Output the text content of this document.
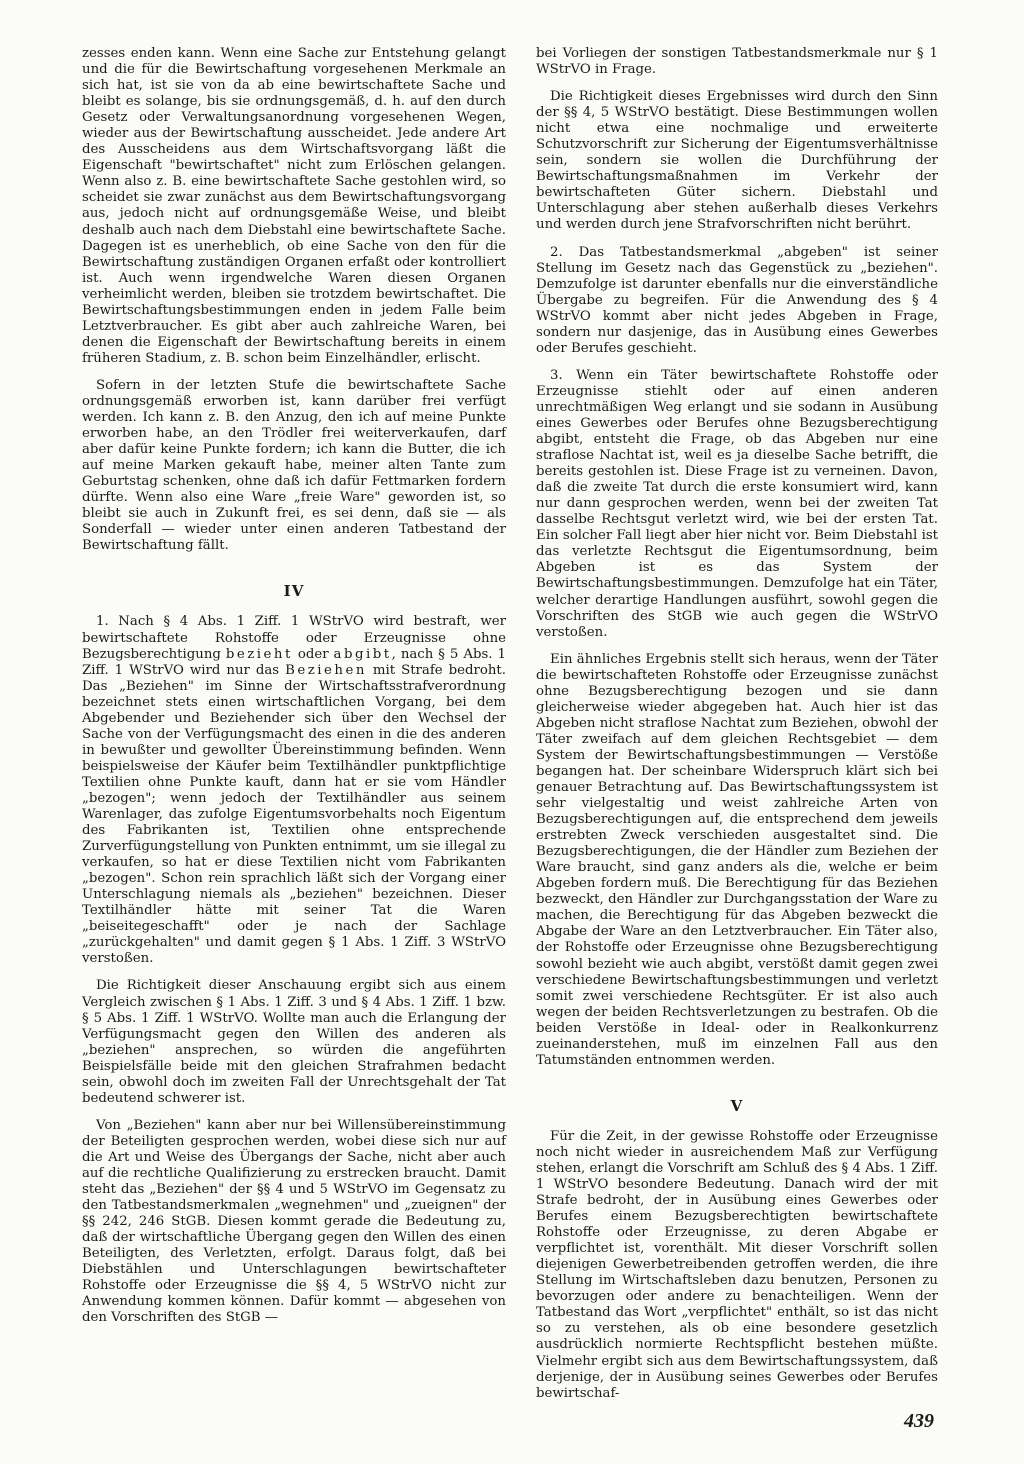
zesses enden kann. Wenn eine Sache zur Entstehung gelangt und die für die Bewirtschaftung vorgesehenen Merkmale an sich hat, ist sie von da ab eine bewirtschaftete Sache und bleibt es solange, bis sie ordnungsgemäß, d. h. auf den durch Gesetz oder Verwaltungsanordnung vorgesehenen Wegen, wieder aus der Bewirtschaftung ausscheidet. Jede andere Art des Ausscheidens aus dem Wirtschaftsvorgang läßt die Eigenschaft "bewirtschaftet" nicht zum Erlöschen gelangen. Wenn also z. B. eine bewirtschaftete Sache gestohlen wird, so scheidet sie zwar zunächst aus dem Bewirtschaftungsvorgang aus, jedoch nicht auf ordnungsgemäße Weise, und bleibt deshalb auch nach dem Diebstahl eine bewirtschaftete Sache. Dagegen ist es unerheblich, ob eine Sache von den für die Bewirtschaftung zuständigen Organen erfaßt oder kontrolliert ist. Auch wenn irgendwelche Waren diesen Organen verheimlicht werden, bleiben sie trotzdem bewirtschaftet. Die Bewirtschaftungsbestimmungen enden in jedem Falle beim Letztverbraucher. Es gibt aber auch zahlreiche Waren, bei denen die Eigenschaft der Bewirtschaftung bereits in einem früheren Stadium, z. B. schon beim Einzelhändler, erlischt.

Sofern in der letzten Stufe die bewirtschaftete Sache ordnungsgemäß erworben ist, kann darüber frei verfügt werden. Ich kann z. B. den Anzug, den ich auf meine Punkte erworben habe, an den Trödler frei weiterverkaufen, darf aber dafür keine Punkte fordern; ich kann die Butter, die ich auf meine Marken gekauft habe, meiner alten Tante zum Geburtstag schenken, ohne daß ich dafür Fettmarken fordern dürfte. Wenn also eine Ware „freie Ware" geworden ist, so bleibt sie auch in Zukunft frei, es sei denn, daß sie — als Sonderfall — wieder unter einen anderen Tatbestand der Bewirtschaftung fällt.

IV

1. Nach § 4 Abs. 1 Ziff. 1 WStrVO wird bestraft, wer bewirtschaftete Rohstoffe oder Erzeugnisse ohne Bezugsberechtigung bezieht oder abgibt, nach § 5 Abs. 1 Ziff. 1 WStrVO wird nur das Beziehen mit Strafe bedroht. Das „Beziehen" im Sinne der Wirtschaftsstrafverordnung bezeichnet stets einen wirtschaftlichen Vorgang, bei dem Abgebender und Beziehender sich über den Wechsel der Sache von der Verfügungsmacht des einen in die des anderen in bewußter und gewollter Übereinstimmung befinden. Wenn beispielsweise der Käufer beim Textilhändler punktpflichtige Textilien ohne Punkte kauft, dann hat er sie vom Händler „bezogen"; wenn jedoch der Textilhändler aus seinem Warenlager, das zufolge Eigentumsvorbehalts noch Eigentum des Fabrikanten ist, Textilien ohne entsprechende Zurverfügungstellung von Punkten entnimmt, um sie illegal zu verkaufen, so hat er diese Textilien nicht vom Fabrikanten „bezogen". Schon rein sprachlich läßt sich der Vorgang einer Unterschlagung niemals als „beziehen" bezeichnen. Dieser Textilhändler hätte mit seiner Tat die Waren „beiseitegeschafft" oder je nach der Sachlage „zurückgehalten" und damit gegen § 1 Abs. 1 Ziff. 3 WStrVO verstoßen.

Die Richtigkeit dieser Anschauung ergibt sich aus einem Vergleich zwischen § 1 Abs. 1 Ziff. 3 und § 4 Abs. 1 Ziff. 1 bzw. § 5 Abs. 1 Ziff. 1 WStrVO. Wollte man auch die Erlangung der Verfügungsmacht gegen den Willen des anderen als „beziehen" ansprechen, so würden die angeführten Beispielsfälle beide mit den gleichen Strafrahmen bedacht sein, obwohl doch im zweiten Fall der Unrechtsgehalt der Tat bedeutend schwerer ist.

Von „Beziehen" kann aber nur bei Willensübereinstimmung der Beteiligten gesprochen werden, wobei diese sich nur auf die Art und Weise des Übergangs der Sache, nicht aber auch auf die rechtliche Qualifizierung zu erstrecken braucht. Damit steht das „Beziehen" der §§ 4 und 5 WStrVO im Gegensatz zu den Tatbestandsmerkmalen „wegnehmen" und „zueignen" der §§ 242, 246 StGB. Diesen kommt gerade die Bedeutung zu, daß der wirtschaftliche Übergang gegen den Willen des einen Beteiligten, des Verletzten, erfolgt. Daraus folgt, daß bei Diebstählen und Unterschlagungen bewirtschafteter Rohstoffe oder Erzeugnisse die §§ 4, 5 WStrVO nicht zur Anwendung kommen können. Dafür kommt — abgesehen von den Vorschriften des StGB —

bei Vorliegen der sonstigen Tatbestandsmerkmale nur § 1 WStrVO in Frage.

Die Richtigkeit dieses Ergebnisses wird durch den Sinn der §§ 4, 5 WStrVO bestätigt. Diese Bestimmungen wollen nicht etwa eine nochmalige und erweiterte Schutzvorschrift zur Sicherung der Eigentumsverhältnisse sein, sondern sie wollen die Durchführung der Bewirtschaftungsmaßnahmen im Verkehr der bewirtschafteten Güter sichern. Diebstahl und Unterschlagung aber stehen außerhalb dieses Verkehrs und werden durch jene Strafvorschriften nicht berührt.

2. Das Tatbestandsmerkmal „abgeben" ist seiner Stellung im Gesetz nach das Gegenstück zu „beziehen". Demzufolge ist darunter ebenfalls nur die einverständliche Übergabe zu begreifen. Für die Anwendung des § 4 WStrVO kommt aber nicht jedes Abgeben in Frage, sondern nur dasjenige, das in Ausübung eines Gewerbes oder Berufes geschieht.

3. Wenn ein Täter bewirtschaftete Rohstoffe oder Erzeugnisse stiehlt oder auf einen anderen unrechtmäßigen Weg erlangt und sie sodann in Ausübung eines Gewerbes oder Berufes ohne Bezugsberechtigung abgibt, entsteht die Frage, ob das Abgeben nur eine straflose Nachtat ist, weil es ja dieselbe Sache betrifft, die bereits gestohlen ist. Diese Frage ist zu verneinen. Davon, daß die zweite Tat durch die erste konsumiert wird, kann nur dann gesprochen werden, wenn bei der zweiten Tat dasselbe Rechtsgut verletzt wird, wie bei der ersten Tat. Ein solcher Fall liegt aber hier nicht vor. Beim Diebstahl ist das verletzte Rechtsgut die Eigentumsordnung, beim Abgeben ist es das System der Bewirtschaftungsbestimmungen. Demzufolge hat ein Täter, welcher derartige Handlungen ausführt, sowohl gegen die Vorschriften des StGB wie auch gegen die WStrVO verstoßen.

Ein ähnliches Ergebnis stellt sich heraus, wenn der Täter die bewirtschafteten Rohstoffe oder Erzeugnisse zunächst ohne Bezugsberechtigung bezogen und sie dann gleicherweise wieder abgegeben hat. Auch hier ist das Abgeben nicht straflose Nachtat zum Beziehen, obwohl der Täter zweifach auf dem gleichen Rechtsgebiet — dem System der Bewirtschaftungsbestimmungen — Verstöße begangen hat. Der scheinbare Widerspruch klärt sich bei genauer Betrachtung auf. Das Bewirtschaftungssystem ist sehr vielgestaltig und weist zahlreiche Arten von Bezugsberechtigungen auf, die entsprechend dem jeweils erstrebten Zweck verschieden ausgestaltet sind. Die Bezugsberechtigungen, die der Händler zum Beziehen der Ware braucht, sind ganz anders als die, welche er beim Abgeben fordern muß. Die Berechtigung für das Beziehen bezweckt, den Händler zur Durchgangsstation der Ware zu machen, die Berechtigung für das Abgeben bezweckt die Abgabe der Ware an den Letztverbraucher. Ein Täter also, der Rohstoffe oder Erzeugnisse ohne Bezugsberechtigung sowohl bezieht wie auch abgibt, verstößt damit gegen zwei verschiedene Bewirtschaftungsbestimmungen und verletzt somit zwei verschiedene Rechtsgüter. Er ist also auch wegen der beiden Rechtsverletzungen zu bestrafen. Ob die beiden Verstöße in Ideal- oder in Realkonkurrenz zueinanderstehen, muß im einzelnen Fall aus den Tatumständen entnommen werden.

V

Für die Zeit, in der gewisse Rohstoffe oder Erzeugnisse noch nicht wieder in ausreichendem Maß zur Verfügung stehen, erlangt die Vorschrift am Schluß des § 4 Abs. 1 Ziff. 1 WStrVO besondere Bedeutung. Danach wird der mit Strafe bedroht, der in Ausübung eines Gewerbes oder Berufes einem Bezugsberechtigten bewirtschaftete Rohstoffe oder Erzeugnisse, zu deren Abgabe er verpflichtet ist, vorenthält. Mit dieser Vorschrift sollen diejenigen Gewerbetreibenden getroffen werden, die ihre Stellung im Wirtschaftsleben dazu benutzen, Personen zu bevorzugen oder andere zu benachteiligen. Wenn der Tatbestand das Wort „verpflichtet" enthält, so ist das nicht so zu verstehen, als ob eine besondere gesetzlich ausdrücklich normierte Rechtspflicht bestehen müßte. Vielmehr ergibt sich aus dem Bewirtschaftungssystem, daß derjenige, der in Ausübung seines Gewerbes oder Berufes bewirtschaf-

439
